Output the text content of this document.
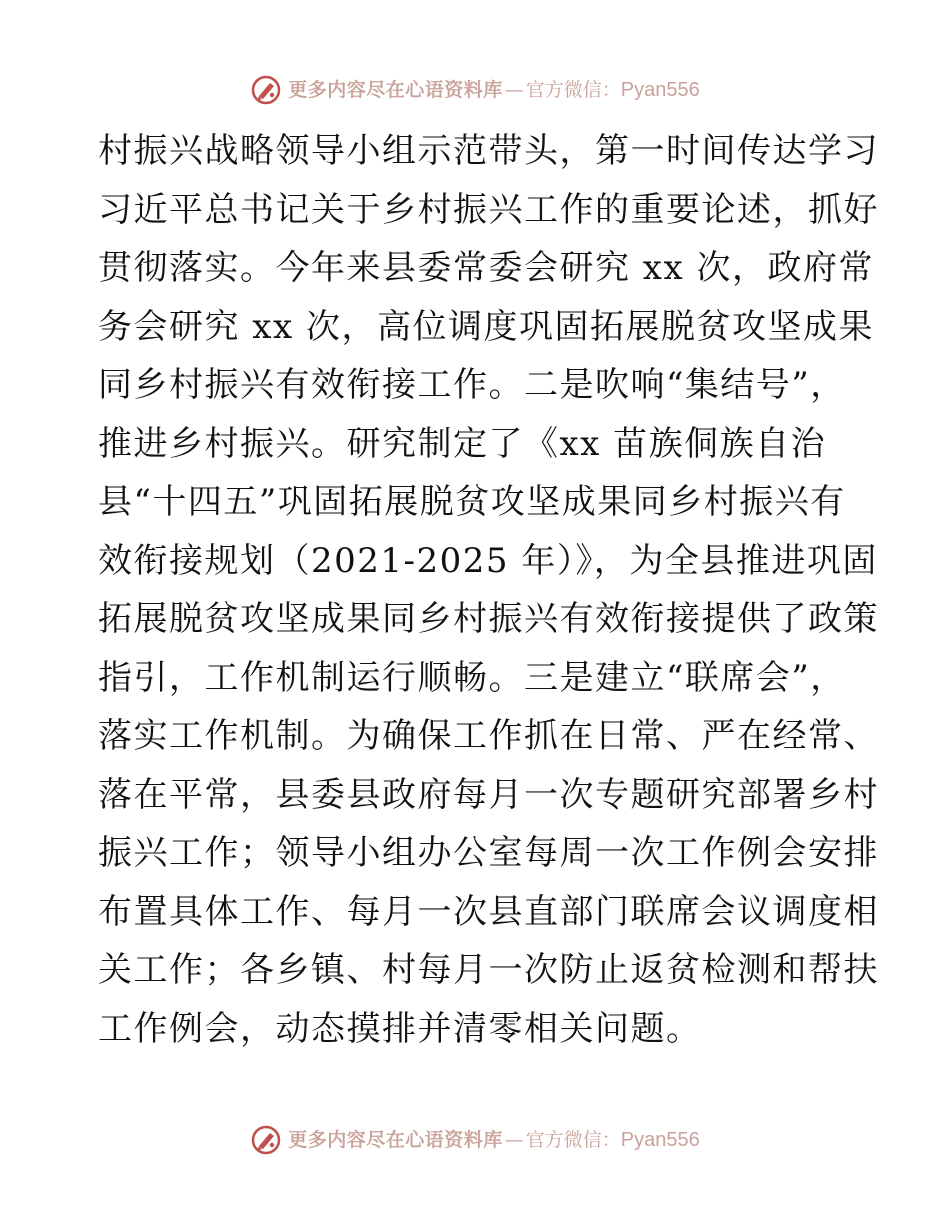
更多内容尽在心语资料库 — 官方微信： Pyan556
村振兴战略领导小组示范带头，第一时间传达学习
习近平总书记关于乡村振兴工作的重要论述，抓好
贯彻落实。今年来县委常委会研究 xx 次，政府常
务会研究 xx 次，高位调度巩固拓展脱贫攻坚成果
同乡村振兴有效衔接工作。二是吹响“集结号”，
推进乡村振兴。研究制定了《xx 苗族侗族自治
县“十四五”巩固拓展脱贫攻坚成果同乡村振兴有
效衔接规划（2021-2025 年）》，为全县推进巩固
拓展脱贫攻坚成果同乡村振兴有效衔接提供了政策
指引，工作机制运行顺畅。三是建立“联席会”，
落实工作机制。为确保工作抓在日常、严在经常、
落在平常，县委县政府每月一次专题研究部署乡村
振兴工作；领导小组办公室每周一次工作例会安排
布置具体工作、每月一次县直部门联席会议调度相
关工作；各乡镇、村每月一次防止返贫检测和帮扶
工作例会，动态摸排并清零相关问题。
更多内容尽在心语资料库 — 官方微信： Pyan556
